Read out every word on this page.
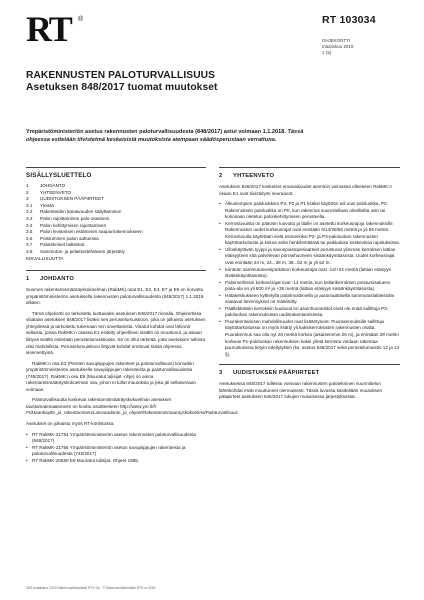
RT ®	RT 103034
OHJEKORTTI
maaliskuu 2019
1 (5)
RAKENNUSTEN PALOTURVALLISUUS
Asetuksen 848/2017 tuomat muutokset
Ympäristöministeriön asetus rakennusten paloturvallisuudesta (848/2017) astui voimaan 1.1.2018. Tässä ohjeessa esitetään tiivistetmä keskeisistä muutoksista aiempaan säädösperustaan verrattuna.
SISÄLLYSLUETTELO
1	JOHDANTO
2	YHTEENVETO
3	UUDISTUKSEN PÄÄPIIRTEET
3.1	Yleistä
3.2	Rakenteiden kantavuuden säilyttäminen
3.3	Palon rajoittaminen palo-osastoon
3.4	Palon kehittymisen rajoittaminen
3.5	Palon leviämisen estäminen naapurirakennukseen
3.6	Poistuminen palon sattuessa
3.7	Palotekniset laitteistot
3.8	Sammutus- ja pelastustehtävien järjestely
KIRJALLISUUTTA
1	JOHDANTO
Suomen rakentamismääräyskokoelman (RakMK) osat E1, E2, E4, E7 ja E9 on korvattu ympäristöministeriön asetuksella rakennusten paloturvallisuudesta (848/2017) 1.1.2018 alkaen.
Tämä ohjekortti on tarkoitettu luettavaksi asetuksen 848/2017 rinnalla. Ohjekortissa viitataan asetuksen 848/2017 lisäksi sen perustelumuistioon, joka on julkaistu asetuksen yhteydessä ja tarkoitettu tukemaan sen soveltamista. Viitatut kohdat ovat lähinnä sellaisia, joissa RakMK:n osassa E1 esitetty ohjeellinen sisältö on muuttunut, ja asiaan liittyvä sisältö esitetään perustelumuistiossa. Se on ollut tärkeää, jotta asetuksen tulkinta olisi mahdollista. Perustelumuistioon liittyvät kohdat erottuvat tässä ohjeessa sisennettyinä.
RakMK:n osa E3 (Pienten savupiippujen rakenteet ja paloturvallisuus) korvattiin ympäristöministeriön asetuksella savupiippujen rakenteista ja paloturvallisuudesta (745/2017). RakMK:n osa E8 (Muuratut tulisijat -ohje) on ainoa rakentamismääräyskokoelman osa, johon ei tullut muutoksia ja joka jäi sellaisenaan voimaan.
Paloturvallisuutta koskevat rakentamismääräyskokoelman asetukset taustamateriaaleineen on koottu osoitteeseen http://www.ym.fi/fi-FI/Maankaytto_ja_rakentaminen/Lainsaadanto_ja_ohjeet/Rakentamismaarayskokoelma/Paloturvallisuus
Asetukset on julkaistu myös RT-kortistossa:
• RT RakMK-21754 Ympäristöministeriön asetus rakennusten paloturvallisuudesta (848/2017)
• RT RakMK-21756 Ympäristöministeriön asetus savupiippujen rakenteista ja paloturvallisuudesta (745/2017)
• RT RakMK-20580 E8 Muuratut tulisijat. Ohjeet 1985.
2	YHTEENVETO
Asetuksen 848/2017 keskeiset eroavaisuudet aiemmin voimassa olleeseen RakMK:n osaan E1 ovat tiivistetysti seuraavat:
• Alkusiempien paloluokkien P3, P2 ja P1 lisäksi käyttöön tuli uusi paloluokka, P0. Rakennuksen paloluokka on P0, kun rakennus suunnitellaan oleellisilta osin tai kokonaan oletetun palonkehittymisen perusteella.
• Kerrosluvuista on pääosin luovuttu ja tilalle on asetettu korkeusrajoja rakennuksille. Rakennusten uudet korkeusrajat ovat enintään 9/14/28/56 metriä ja yli 56 metriä. Kerrosluvulla käytetään vielä esimerkiksi P2- ja P3-paloluokan rakennusten käyttötarkoitusta ja kokoa sekä henkilömäärää tai paikkaluku koskevissa rajoituksissa.
• Ulloskäytävän tyyppi ja savunpoistoperiaatteet perustuvat ylimmän kerroksen lattian etäisyyteen sitä palvelevan porrashuoneen sisäänkäyntitasosta. Uudet korkeusrajat ovat enintään 24 m, 24...38 m, 38...52 m ja yli 52 m.
• Kiinteän sammutusvesiputkiston korkeusrajat ovat -14/+24 metriä (lattian etäisyys sisäänkäyntitasosta).
• Paloimeihissin korkeusrajat ovat -14 metriä, kun kellarikerroksen poistumisalueen pinta-ala on yli 800 m² ja +38 metriä (lattian etäisyys sisäänkäyntitasosta).
• Hätäkeskukseen kytketyllä paloilmoittimella ja automaattisella sammutuslaitteistolla saatavat lievennykset on määritelty.
• Päällekkäisiin kerroksiin kuuluvat eri asuinhuoneistot eivät ole enää sallittuja P3-paloluokan rakennuksissa uudisrakentamisessa.
• Puurakentamisen mahdollisuudet ovat lisääntyneet. Puurakennuksille sallittuja käyttötarkoituksia on myös lisätty yli kaksikerroksisten rakennusten osalta. Puurakennus saa olla nyt 28 metriä korkea (aikaisemmin 26 m), ja enintään 28 metrin korkean P1-paloluokan rakennuksen kaksi ylintä kerrosta voidaan rakentaa puurunkoisina tietyin edellytyksin (ks. asetus 848/2017 sekä perustelumuistio 12 ja 13 §).
3	UUDISTUKSEN PÄÄPIIRTEET
Asetuksessa 848/2017 tullessa voimaan rakennusten palotekninen suunnittelun lähtökohdat eivät muuttuneet olennaisesti. Tässä luvussa käsitellään muutoksen pääpiirteet asetuksen 848/2017 lukujen mukaisessa järjestyksessä.
26/1 maaliskuu 2019 Rakennustietosäätiö RTS Oy · © Rakennustietosäätiö RTS sr 2018
